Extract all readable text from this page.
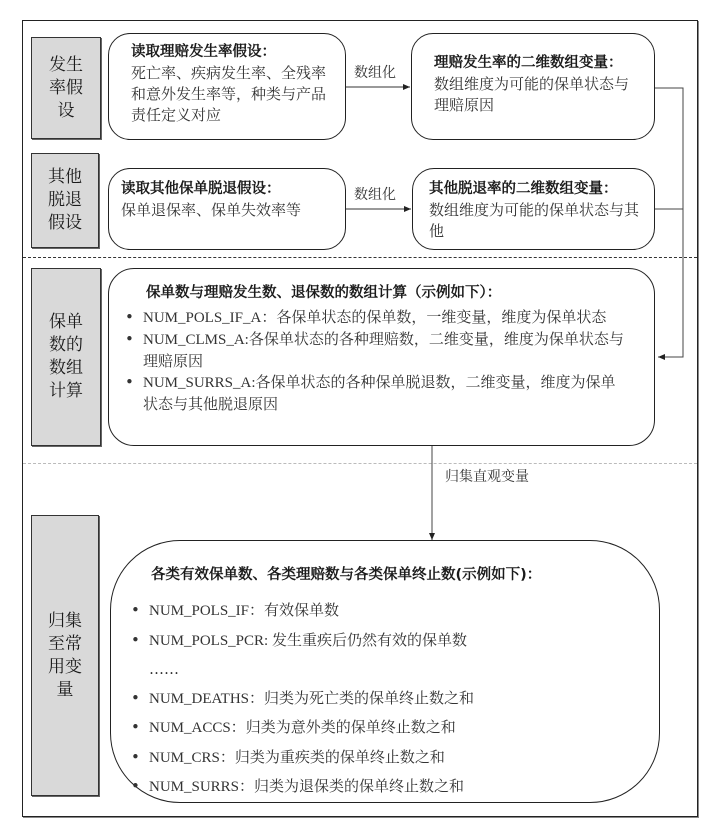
发生率假设
读取理赔发生率假设：
死亡率、疾病发生率、全残率和意外发生率等，种类与产品责任定义对应
数组化
理赔发生率的二维数组变量：
数组维度为可能的保单状态与理赔原因
其他脱退假设
读取其他保单脱退假设：
保单退保率、保单失效率等
数组化 其他脱退率的二维数组变量：
数组维度为可能的保单状态与其他
保单数的数组计算
保单数与理赔发生数、退保数的数组计算（示例如下）：
• NUM_POLS_IF_A：各保单状态的保单数，一维变量，维度为保单状态
• NUM_CLMS_A:各保单状态的各种理赔数，二维变量，维度为保单状态与理赔原因
• NUM_SURRS_A:各保单状态的各种保单脱退数，二维变量，维度为保单状态与其他脱退原因
归集直观变量
归集至常用变量
各类有效保单数、各类理赔数与各类保单终止数(示例如下)：
• NUM_POLS_IF：有效保单数
• NUM_POLS_PCR: 发生重疾后仍然有效的保单数
……
• NUM_DEATHS：归类为死亡类的保单终止数之和
• NUM_ACCS：归类为意外类的保单终止数之和
• NUM_CRS：归类为重疾类的保单终止数之和
• NUM_SURRS：归类为退保类的保单终止数之和
